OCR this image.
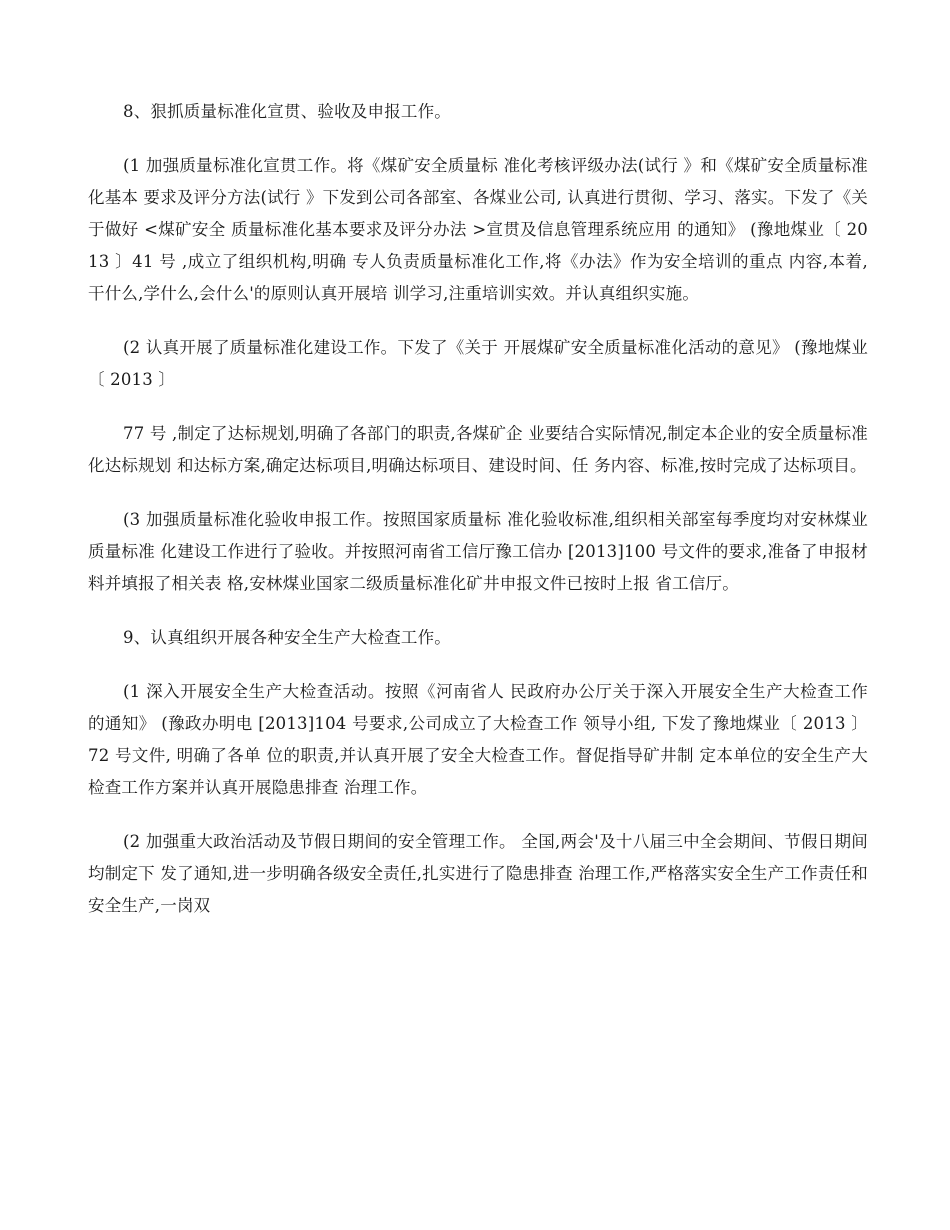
8、狠抓质量标准化宣贯、验收及申报工作。

(1 加强质量标准化宣贯工作。将《煤矿安全质量标 准化考核评级办法(试行 》和《煤矿安全质量标准化基本 要求及评分方法(试行 》下发到公司各部室、各煤业公司, 认真进行贯彻、学习、落实。下发了《关于做好 <煤矿安全 质量标准化基本要求及评分办法 >宣贯及信息管理系统应用 的通知》 (豫地煤业〔 2013 〕41 号 ,成立了组织机构,明确 专人负责质量标准化工作,将《办法》作为安全培训的重点 内容,本着,干什么,学什么,会什么'的原则认真开展培 训学习,注重培训实效。并认真组织实施。

(2 认真开展了质量标准化建设工作。下发了《关于 开展煤矿安全质量标准化活动的意见》 (豫地煤业〔 2013 〕

77 号 ,制定了达标规划,明确了各部门的职责,各煤矿企 业要结合实际情况,制定本企业的安全质量标准化达标规划 和达标方案,确定达标项目,明确达标项目、建设时间、任 务内容、标准,按时完成了达标项目。

(3 加强质量标准化验收申报工作。按照国家质量标 准化验收标准,组织相关部室每季度均对安林煤业质量标准 化建设工作进行了验收。并按照河南省工信厅豫工信办 [2013]100 号文件的要求,准备了申报材料并填报了相关表 格,安林煤业国家二级质量标准化矿井申报文件已按时上报 省工信厅。

9、认真组织开展各种安全生产大检查工作。

(1 深入开展安全生产大检查活动。按照《河南省人 民政府办公厅关于深入开展安全生产大检查工作的通知》 (豫政办明电 [2013]104 号要求,公司成立了大检查工作 领导小组, 下发了豫地煤业〔 2013 〕72 号文件, 明确了各单 位的职责,并认真开展了安全大检查工作。督促指导矿井制 定本单位的安全生产大检查工作方案并认真开展隐患排查 治理工作。

(2 加强重大政治活动及节假日期间的安全管理工作。 全国,两会'及十八届三中全会期间、节假日期间均制定下 发了通知,进一步明确各级安全责任,扎实进行了隐患排查 治理工作,严格落实安全生产工作责任和安全生产,一岗双
